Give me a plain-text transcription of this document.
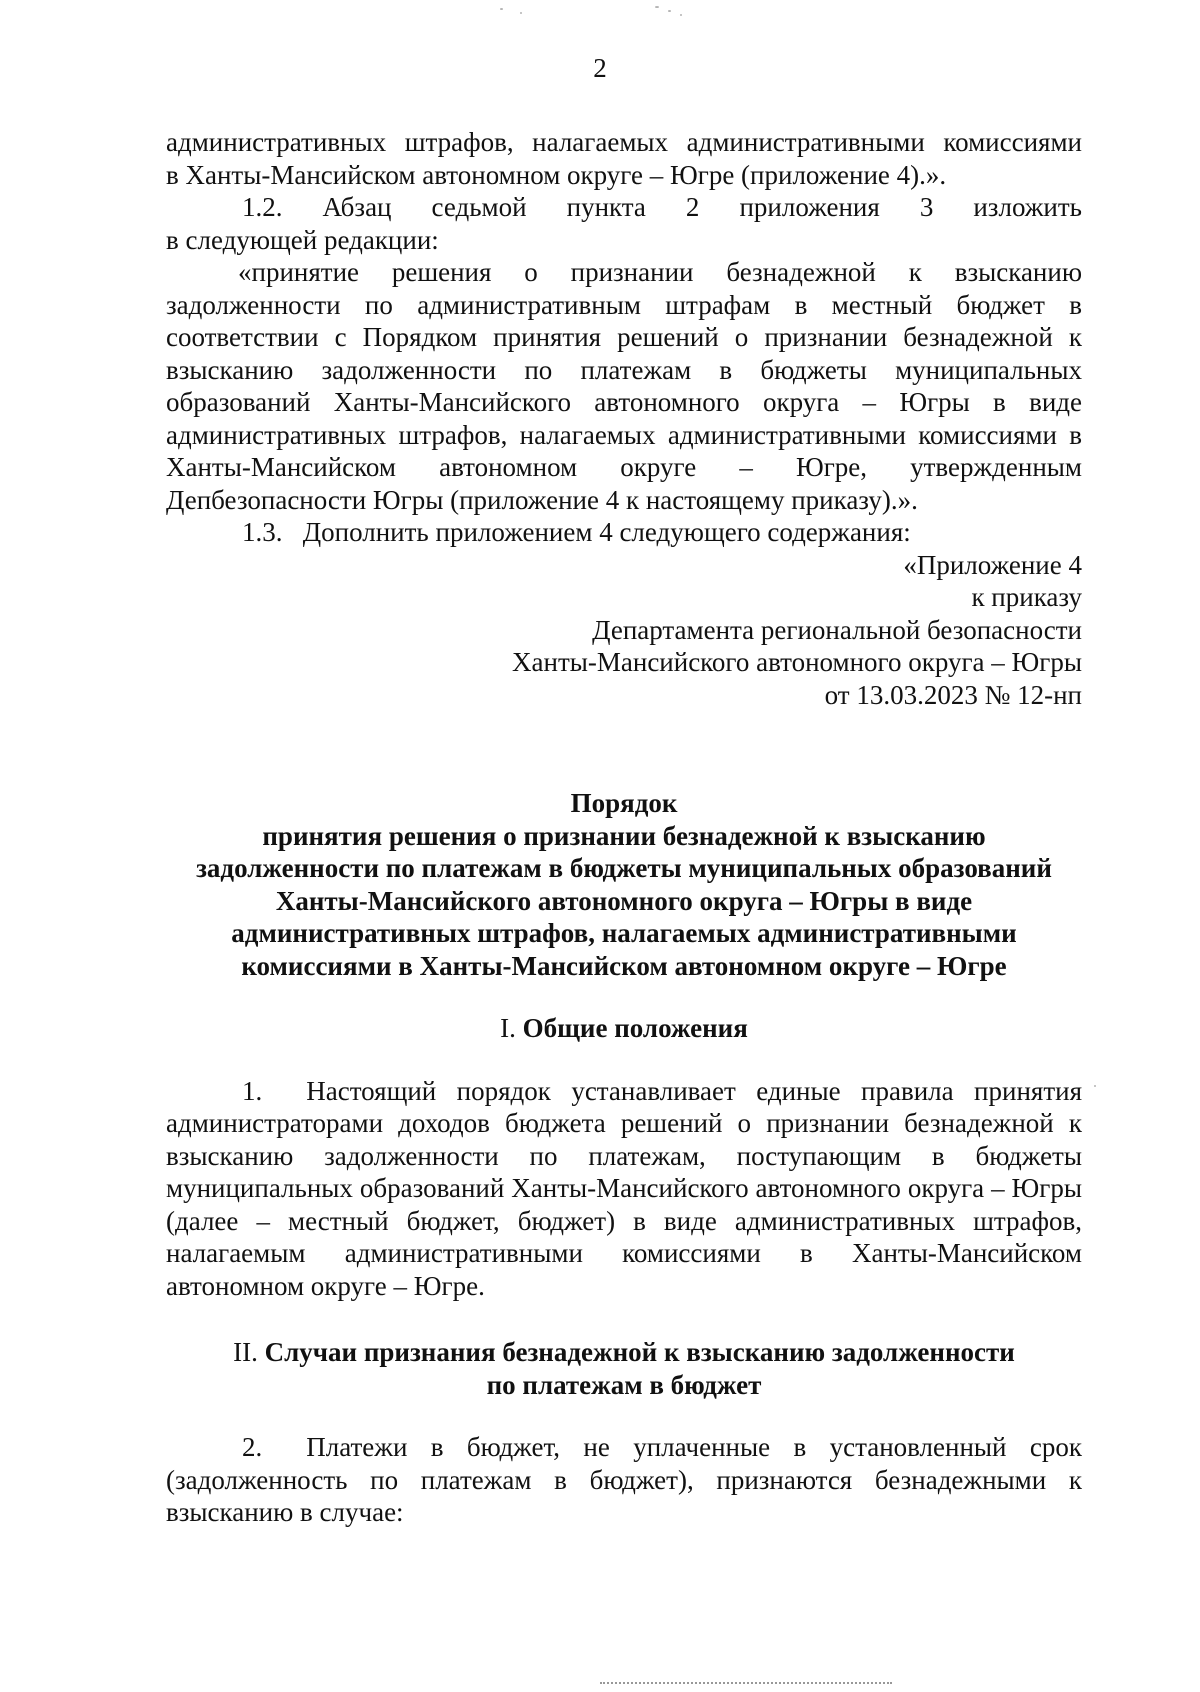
2

административных штрафов, налагаемых административными комиссиями

в Ханты-Мансийском автономном округе – Югре (приложение 4).».

1.2.   Абзац   седьмой   пункта   2   приложения   3   изложить

в следующей редакции:

«принятие решения о признании безнадежной к взысканию задолженности по административным штрафам в местный бюджет в соответствии с Порядком принятия решений о признании безнадежной к взысканию задолженности по платежам в бюджеты муниципальных образований Ханты-Мансийского автономного округа – Югры в виде административных штрафов, налагаемых административными комиссиями в Ханты-Мансийском автономном округе – Югре, утвержденным Депбезопасности Югры (приложение 4 к настоящему приказу).».

1.3.   Дополнить приложением 4 следующего содержания:

«Приложение 4

к приказу

Департамента региональной безопасности

Ханты-Мансийского автономного округа – Югры

от 13.03.2023 № 12-нп

Порядок

принятия решения о признании безнадежной к взысканию

задолженности по платежам в бюджеты муниципальных образований

Ханты-Мансийского автономного округа – Югры в виде

административных штрафов, налагаемых административными

комиссиями в Ханты-Мансийском автономном округе – Югре

I. Общие положения

1. Настоящий порядок устанавливает единые правила принятия администраторами доходов бюджета решений о признании безнадежной к взысканию задолженности по платежам, поступающим в бюджеты муниципальных образований Ханты-Мансийского автономного округа – Югры (далее – местный бюджет, бюджет) в виде административных штрафов, налагаемым административными комиссиями в Ханты-Мансийском автономном округе – Югре.

II. Случаи признания безнадежной к взысканию задолженности

по платежам в бюджет

2. Платежи в бюджет, не уплаченные в установленный срок (задолженность по платежам в бюджет), признаются безнадежными к взысканию в случае:
